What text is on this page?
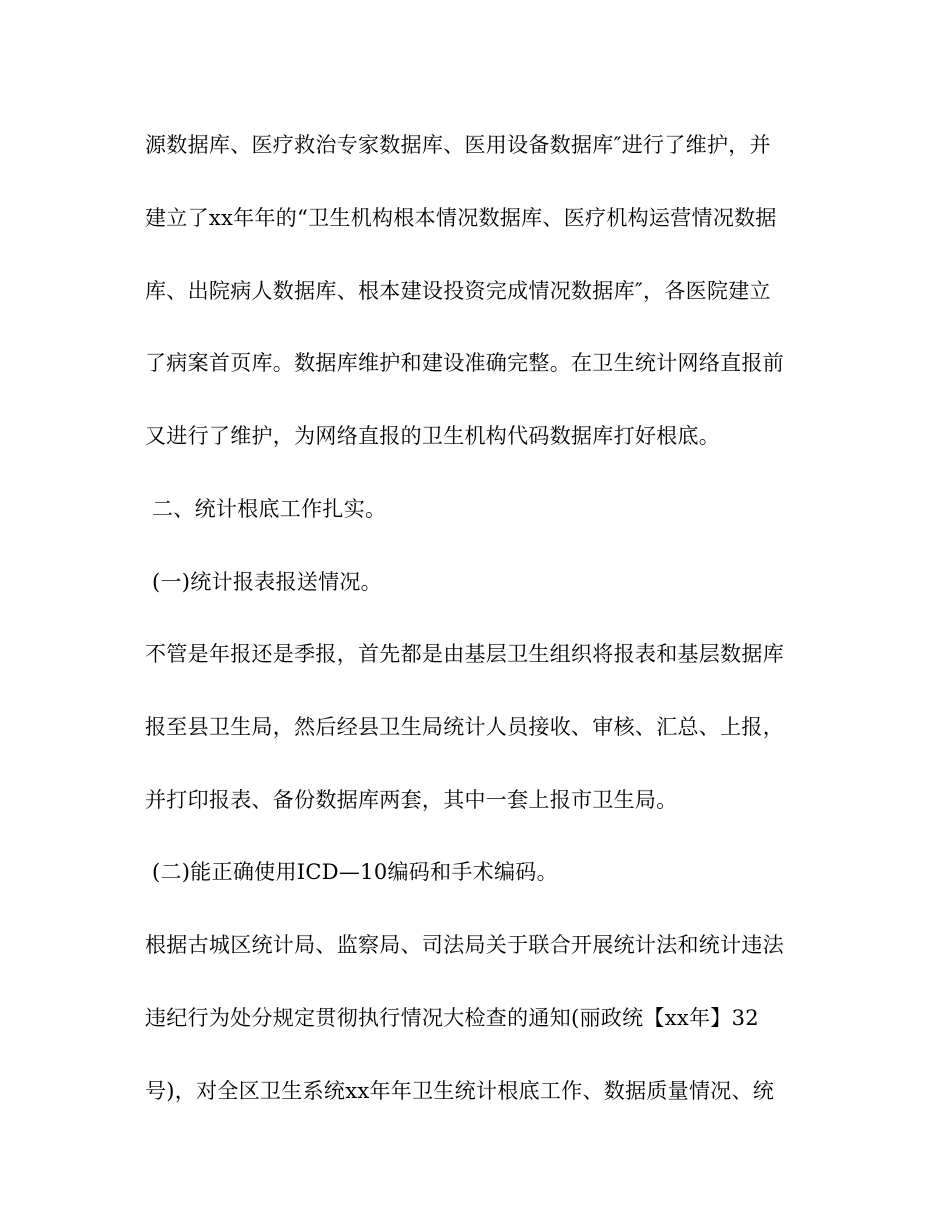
源数据库、医疗救治专家数据库、医用设备数据库″进行了维护，并
建立了xx年年的“卫生机构根本情况数据库、医疗机构运营情况数据
库、出院病人数据库、根本建设投资完成情况数据库″，各医院建立
了病案首页库。数据库维护和建设准确完整。在卫生统计网络直报前
又进行了维护，为网络直报的卫生机构代码数据库打好根底。
二、统计根底工作扎实。
(一)统计报表报送情况。
不管是年报还是季报，首先都是由基层卫生组织将报表和基层数据库
报至县卫生局，然后经县卫生局统计人员接收、审核、汇总、上报，
并打印报表、备份数据库两套，其中一套上报市卫生局。
(二)能正确使用ICD—10编码和手术编码。
根据古城区统计局、监察局、司法局关于联合开展统计法和统计违法
违纪行为处分规定贯彻执行情况大检查的通知(丽政统【xx年】32
号)，对全区卫生系统xx年年卫生统计根底工作、数据质量情况、统
